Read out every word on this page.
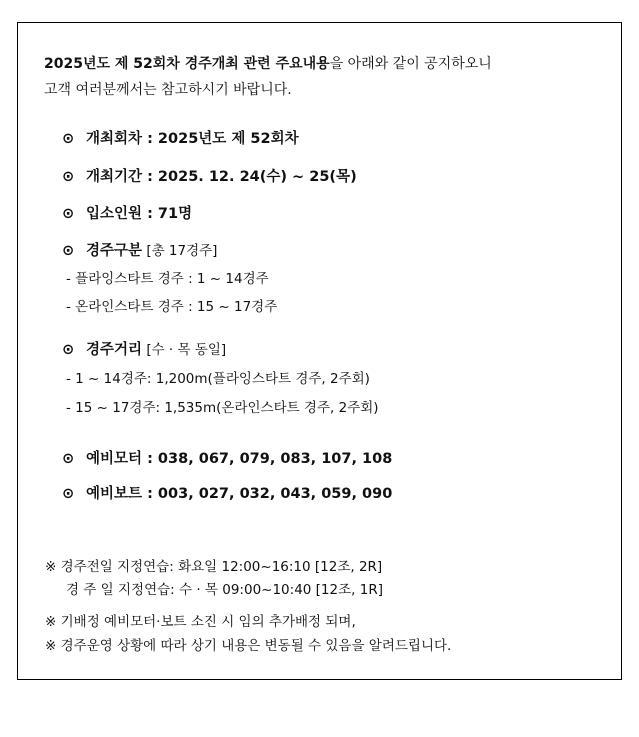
2025년도 제 52회차 경주개최 관련 주요내용을 아래와 같이 공지하오니
고객 여러분께서는 참고하시기 바랍니다.
⊙ 개최회차 : 2025년도 제 52회차
⊙ 개최기간 : 2025. 12. 24(수) ~ 25(목)
⊙ 입소인원 : 71명
⊙ 경주구분 [총 17경주]
- 플라잉스타트 경주 : 1 ~ 14경주
- 온라인스타트 경주 : 15 ~ 17경주
⊙ 경주거리 [수 · 목 동일]
- 1 ~ 14경주: 1,200m(플라잉스타트 경주, 2주회)
- 15 ~ 17경주: 1,535m(온라인스타트 경주, 2주회)
⊙ 예비모터 : 038, 067, 079, 083, 107, 108
⊙ 예비보트 : 003, 027, 032, 043, 059, 090
※ 경주전일 지정연습: 화요일 12:00~16:10 [12조, 2R]
경 주 일 지정연습: 수 · 목 09:00~10:40 [12조, 1R]
※ 기배정 예비모터·보트 소진 시 임의 추가배정 되며,
※ 경주운영 상황에 따라 상기 내용은 변동될 수 있음을 알려드립니다.
